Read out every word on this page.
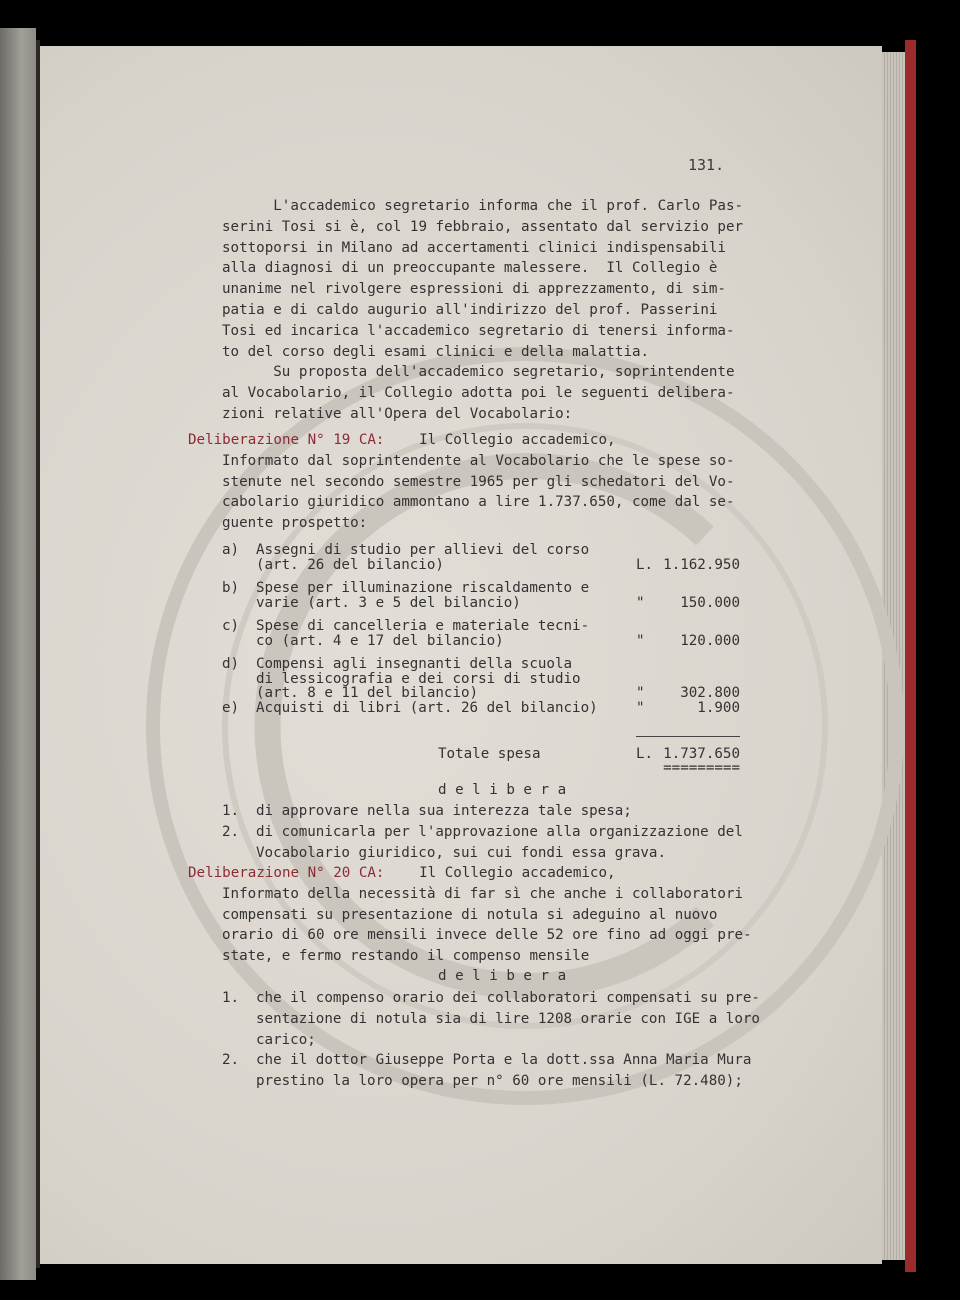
L'accademico segretario informa che il prof. Carlo Pas-
serini Tosi si è, col 19 febbraio, assentato dal servizio per
sottoporsi in Milano ad accertamenti clinici indispensabili
alla diagnosi di un preoccupante malessere.  Il Collegio è
unanime nel rivolgere espressioni di apprezzamento, di sim-
patia e di caldo augurio all'indirizzo del prof. Passerini
Tosi ed incarica l'accademico segretario di tenersi informa-
to del corso degli esami clinici e della malattia.
Su proposta dell'accademico segretario, soprintendente
al Vocabolario, il Collegio adotta poi le seguenti delibera-
zioni relative all'Opera del Vocabolario:
Deliberazione N° 19 CA: Il Collegio accademico,
Informato dal soprintendente al Vocabolario che le spese so-
stenute nel secondo semestre 1965 per gli schedatori del Vo-
cabolario giuridico ammontano a lire 1.737.650, come dal se-
guente prospetto:
a) Assegni di studio per allievi del corso
(art. 26 del bilancio)	L. 1.162.950
b) Spese per illuminazione riscaldamento e
varie (art. 3 e 5 del bilancio)	"	150.000
c) Spese di cancelleria e materiale tecni-
co (art. 4 e 17 del bilancio)	"	120.000
d) Compensi agli insegnanti della scuola
di lessicografia e dei corsi di studio
(art. 8 e 11 del bilancio)	"	302.800
e) Acquisti di libri (art. 26 del bilancio)	"	1.900
Totale spesa	L. 1.737.650
=========
d e l i b e r a
1. di approvare nella sua interezza tale spesa;
2. di comunicarla per l'approvazione alla organizzazione del
Vocabolario giuridico, sui cui fondi essa grava.
Deliberazione N° 20 CA: Il Collegio accademico,
Informato della necessità di far sì che anche i collaboratori
compensati su presentazione di notula si adeguino al nuovo
orario di 60 ore mensili invece delle 52 ore fino ad oggi pre-
state, e fermo restando il compenso mensile
d e l i b e r a
1. che il compenso orario dei collaboratori compensati su pre-
sentazione di notula sia di lire 1208 orarie con IGE a loro
carico;
2. che il dottor Giuseppe Porta e la dott.ssa Anna Maria Mura
prestino la loro opera per n° 60 ore mensili (L. 72.480);
131.
